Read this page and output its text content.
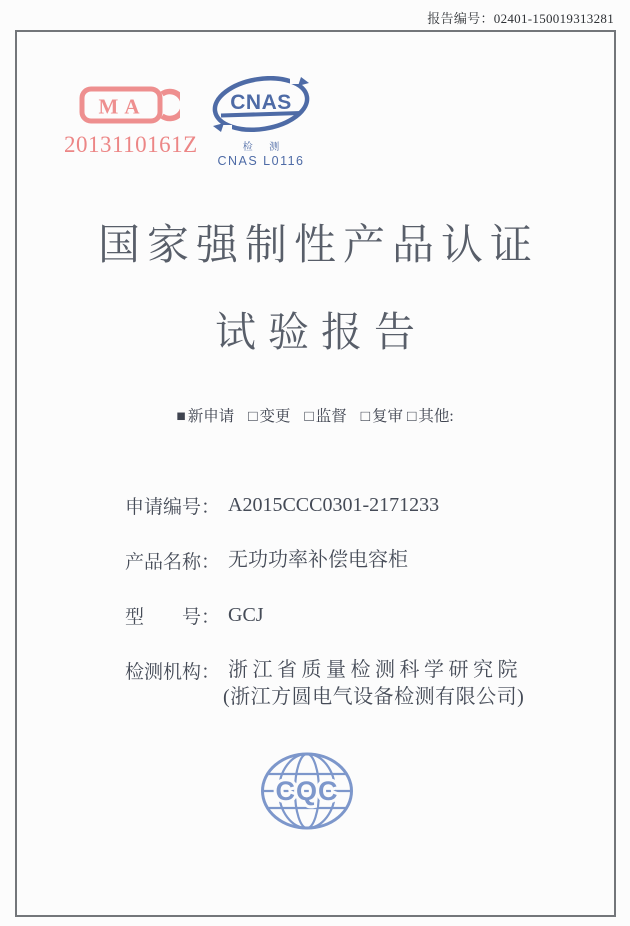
报告编号：02401-150019313281
MA
2013110161Z
CNAS
检 测
CNAS L0116
国家强制性产品认证
试验报告
■ 新申请 □ 变更 □ 监督 □ 复审 □ 其他:
申请编号： A2015CCC0301-2171233
产品名称： 无功功率补偿电容柜
型　　号： GCJ
检测机构： 浙江省质量检测科学研究院
(浙江方圆电气设备检测有限公司)
CQC
